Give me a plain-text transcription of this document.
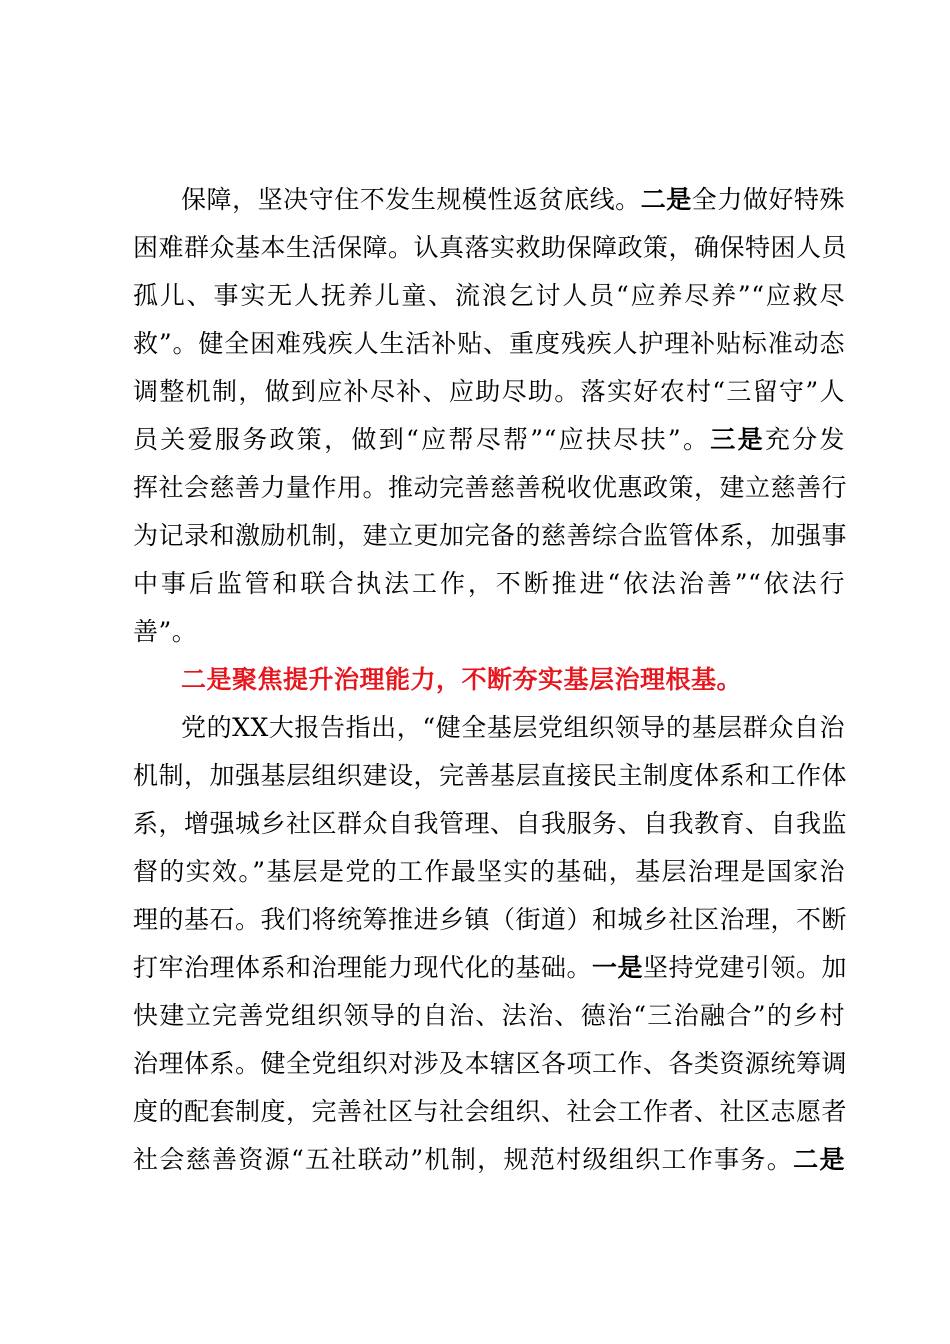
保障，坚决守住不发生规模性返贫底线。二是全力做好特殊
困难群众基本生活保障。认真落实救助保障政策，确保特困人员
孤儿、事实无人抚养儿童、流浪乞讨人员“应养尽养”“应救尽
救”。健全困难残疾人生活补贴、重度残疾人护理补贴标准动态
调整机制，做到应补尽补、应助尽助。落实好农村“三留守”人
员关爱服务政策，做到“应帮尽帮”“应扶尽扶”。三是充分发
挥社会慈善力量作用。推动完善慈善税收优惠政策，建立慈善行
为记录和激励机制，建立更加完备的慈善综合监管体系，加强事
中事后监管和联合执法工作，不断推进“依法治善”“依法行
善”。
二是聚焦提升治理能力，不断夯实基层治理根基。
党的XX大报告指出，“健全基层党组织领导的基层群众自治
机制，加强基层组织建设，完善基层直接民主制度体系和工作体
系，增强城乡社区群众自我管理、自我服务、自我教育、自我监
督的实效。”基层是党的工作最坚实的基础，基层治理是国家治
理的基石。我们将统筹推进乡镇（街道）和城乡社区治理，不断
打牢治理体系和治理能力现代化的基础。一是坚持党建引领。加
快建立完善党组织领导的自治、法治、德治“三治融合”的乡村
治理体系。健全党组织对涉及本辖区各项工作、各类资源统筹调
度的配套制度，完善社区与社会组织、社会工作者、社区志愿者
社会慈善资源“五社联动”机制，规范村级组织工作事务。二是
